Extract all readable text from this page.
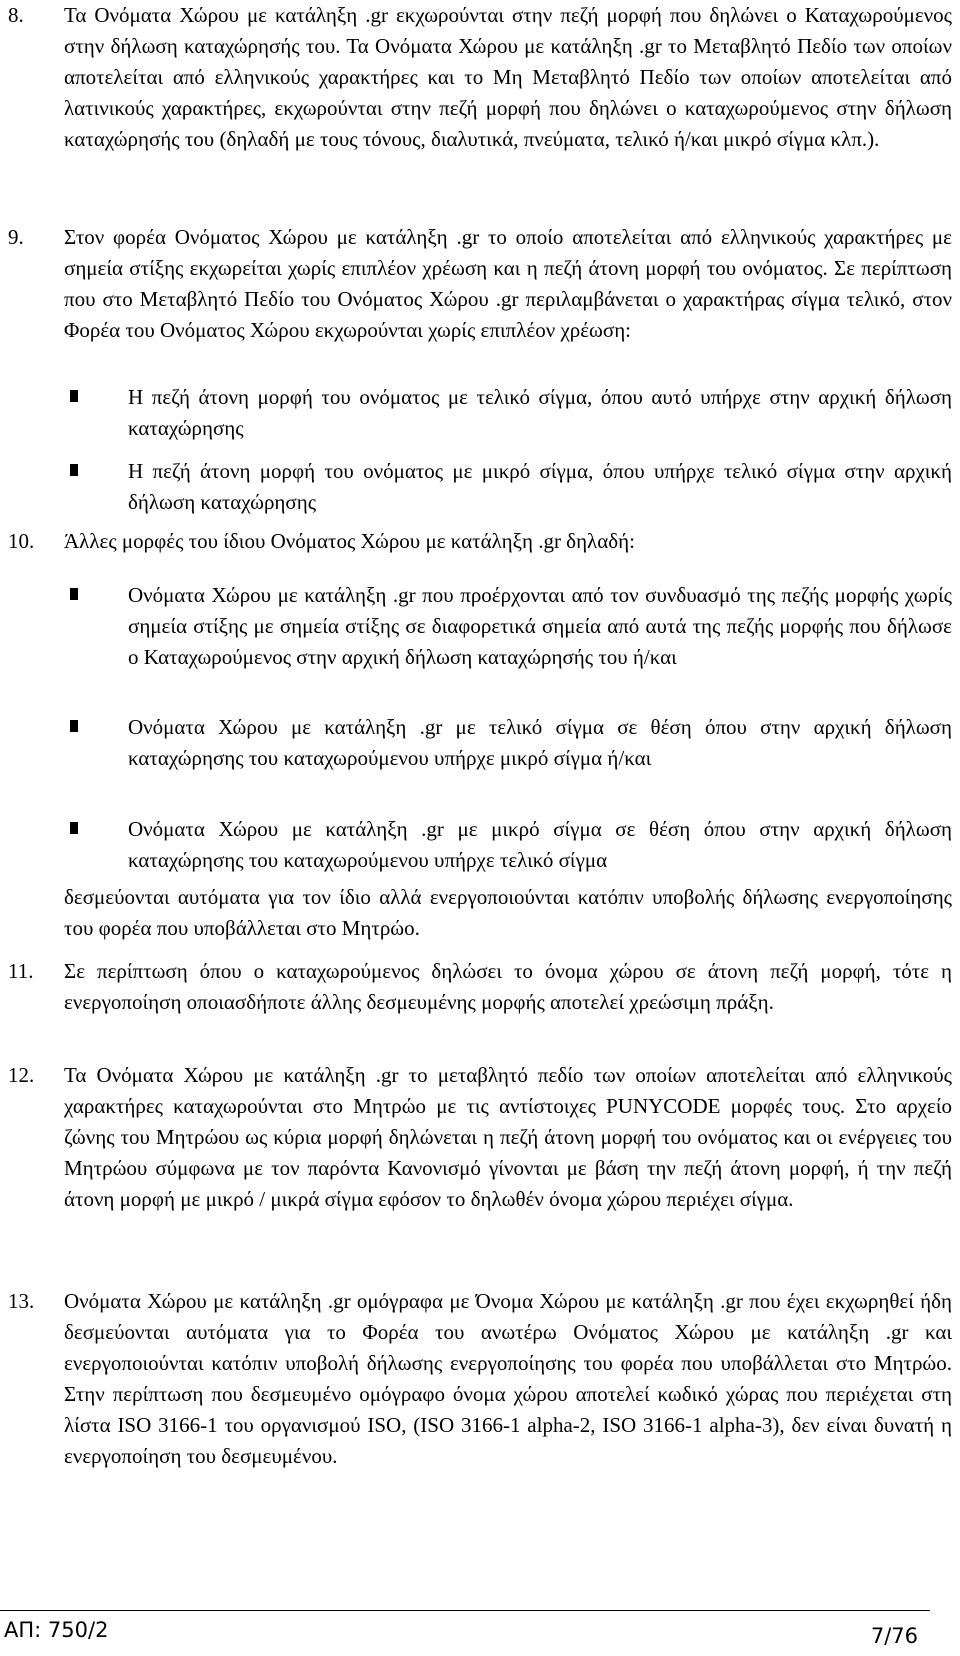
8. Τα Ονόματα Χώρου με κατάληξη .gr εκχωρούνται στην πεζή μορφή που δηλώνει ο Καταχωρούμενος στην δήλωση καταχώρησής του. Τα Ονόματα Χώρου με κατάληξη .gr το Μεταβλητό Πεδίο των οποίων αποτελείται από ελληνικούς χαρακτήρες και το Μη Μεταβλητό Πεδίο των οποίων αποτελείται από λατινικούς χαρακτήρες, εκχωρούνται στην πεζή μορφή που δηλώνει ο καταχωρούμενος στην δήλωση καταχώρησής του (δηλαδή με τους τόνους, διαλυτικά, πνεύματα, τελικό ή/και μικρό σίγμα κλπ.).
9. Στον φορέα Ονόματος Χώρου με κατάληξη .gr το οποίο αποτελείται από ελληνικούς χαρακτήρες με σημεία στίξης εκχωρείται χωρίς επιπλέον χρέωση και η πεζή άτονη μορφή του ονόματος. Σε περίπτωση που στο Μεταβλητό Πεδίο του Ονόματος Χώρου .gr περιλαμβάνεται ο χαρακτήρας σίγμα τελικό, στον Φορέα του Ονόματος Χώρου εκχωρούνται χωρίς επιπλέον χρέωση:
Η πεζή άτονη μορφή του ονόματος με τελικό σίγμα, όπου αυτό υπήρχε στην αρχική δήλωση καταχώρησης
Η πεζή άτονη μορφή του ονόματος με μικρό σίγμα, όπου υπήρχε τελικό σίγμα στην αρχική δήλωση καταχώρησης
10. Άλλες μορφές του ίδιου Ονόματος Χώρου με κατάληξη .gr δηλαδή:
Ονόματα Χώρου με κατάληξη .gr που προέρχονται από τον συνδυασμό της πεζής μορφής χωρίς σημεία στίξης με σημεία στίξης σε διαφορετικά σημεία από αυτά της πεζής μορφής που δήλωσε ο Καταχωρούμενος στην αρχική δήλωση καταχώρησής του ή/και
Ονόματα Χώρου με κατάληξη .gr με τελικό σίγμα σε θέση όπου στην αρχική δήλωση καταχώρησης του καταχωρούμενου υπήρχε μικρό σίγμα ή/και
Ονόματα Χώρου με κατάληξη .gr με μικρό σίγμα σε θέση όπου στην αρχική δήλωση καταχώρησης του καταχωρούμενου υπήρχε τελικό σίγμα
δεσμεύονται αυτόματα για τον ίδιο αλλά ενεργοποιούνται κατόπιν υποβολής δήλωσης ενεργοποίησης του φορέα που υποβάλλεται στο Μητρώο.
11. Σε περίπτωση όπου ο καταχωρούμενος δηλώσει το όνομα χώρου σε άτονη πεζή μορφή, τότε η ενεργοποίηση οποιασδήποτε άλλης δεσμευμένης μορφής αποτελεί χρεώσιμη πράξη.
12. Τα Ονόματα Χώρου με κατάληξη .gr το μεταβλητό πεδίο των οποίων αποτελείται από ελληνικούς χαρακτήρες καταχωρούνται στο Μητρώο με τις αντίστοιχες PUNYCODE μορφές τους. Στο αρχείο ζώνης του Μητρώου ως κύρια μορφή δηλώνεται η πεζή άτονη μορφή του ονόματος και οι ενέργειες του Μητρώου σύμφωνα με τον παρόντα Κανονισμό γίνονται με βάση την πεζή άτονη μορφή, ή την πεζή άτονη μορφή με μικρό / μικρά σίγμα εφόσον το δηλωθέν όνομα χώρου περιέχει σίγμα.
13. Ονόματα Χώρου με κατάληξη .gr ομόγραφα με Όνομα Χώρου με κατάληξη .gr που έχει εκχωρηθεί ήδη δεσμεύονται αυτόματα για το Φορέα του ανωτέρω Ονόματος Χώρου με κατάληξη .gr και ενεργοποιούνται κατόπιν υποβολή δήλωσης ενεργοποίησης του φορέα που υποβάλλεται στο Μητρώο. Στην περίπτωση που δεσμευμένο ομόγραφο όνομα χώρου αποτελεί κωδικό χώρας που περιέχεται στη λίστα ISO 3166-1 του οργανισμού ISO, (ISO 3166-1 alpha-2, ISO 3166-1 alpha-3), δεν είναι δυνατή η ενεργοποίηση του δεσμευμένου.
ΑΠ: 750/2	7/76
